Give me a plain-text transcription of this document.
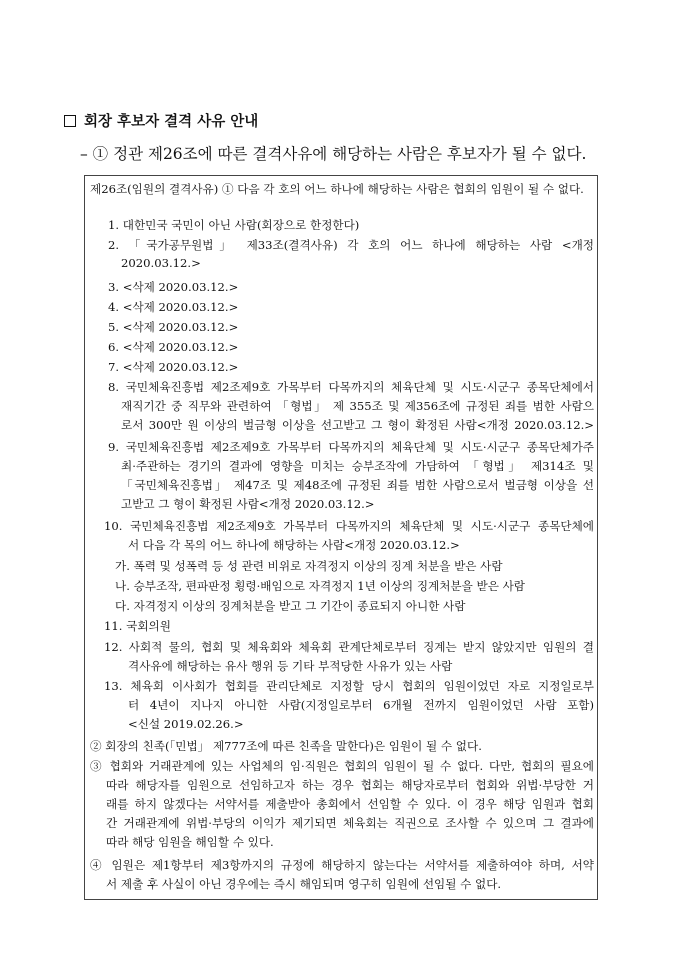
회장 후보자 결격 사유 안내
– ① 정관 제26조에 따른 결격사유에 해당하는 사람은 후보자가 될 수 없다.
제26조(임원의 결격사유) ① 다음 각 호의 어느 하나에 해당하는 사람은 협회의 임원이 될 수 없다.
1. 대한민국 국민이 아닌 사람(회장으로 한정한다)
2. 「국가공무원법」 제33조(결격사유) 각 호의 어느 하나에 해당하는 사람 <개정
2020.03.12.>
3. <삭제 2020.03.12.>
4. <삭제 2020.03.12.>
5. <삭제 2020.03.12.>
6. <삭제 2020.03.12.>
7. <삭제 2020.03.12.>
8. 국민체육진흥법 제2조제9호 가목부터 다목까지의 체육단체 및 시도·시군구 종목단체에서
재직기간 중 직무와 관련하여 「형법」 제 355조 및 제356조에 규정된 죄를 범한 사람으
로서 300만 원 이상의 벌금형 이상을 선고받고 그 형이 확정된 사람<개정 2020.03.12.>
9. 국민체육진흥법 제2조제9호 가목부터 다목까지의 체육단체 및 시도·시군구 종목단체가주
최·주관하는 경기의 결과에 영향을 미치는 승부조작에 가담하여 「형법」 제314조 및
「국민체육진흥법」 제47조 및 제48조에 규정된 죄를 범한 사람으로서 벌금형 이상을 선
고받고 그 형이 확정된 사람<개정 2020.03.12.>
10. 국민체육진흥법 제2조제9호 가목부터 다목까지의 체육단체 및 시도·시군구 종목단체에
서 다음 각 목의 어느 하나에 해당하는 사람<개정 2020.03.12.>
가. 폭력 및 성폭력 등 성 관련 비위로 자격정지 이상의 징계 처분을 받은 사람
나. 승부조작, 편파판정 횡령·배임으로 자격정지 1년 이상의 징계처분을 받은 사람
다. 자격정지 이상의 징계처분을 받고 그 기간이 종료되지 아니한 사람
11. 국회의원
12. 사회적 물의, 협회 및 체육회와 체육회 관계단체로부터 징계는 받지 않았지만 임원의 결
격사유에 해당하는 유사 행위 등 기타 부적당한 사유가 있는 사람
13. 체육회 이사회가 협회를 관리단체로 지정할 당시 협회의 임원이었던 자로 지정일로부
터 4년이 지나지 아니한 사람(지정일로부터 6개월 전까지 임원이었던 사람 포함)
<신설 2019.02.26.>
② 회장의 친족(「민법」 제777조에 따른 친족을 말한다)은 임원이 될 수 없다.
③ 협회와 거래관계에 있는 사업체의 임·직원은 협회의 임원이 될 수 없다. 다만, 협회의 필요에
따라 해당자를 임원으로 선임하고자 하는 경우 협회는 해당자로부터 협회와 위법·부당한 거
래를 하지 않겠다는 서약서를 제출받아 총회에서 선임할 수 있다. 이 경우 해당 임원과 협회
간 거래관계에 위법·부당의 이익가 제기되면 체육회는 직권으로 조사할 수 있으며 그 결과에
따라 해당 임원을 해임할 수 있다.
④ 임원은 제1항부터 제3항까지의 규정에 해당하지 않는다는 서약서를 제출하여야 하며, 서약
서 제출 후 사실이 아닌 경우에는 즉시 해임되며 영구히 임원에 선임될 수 없다.
